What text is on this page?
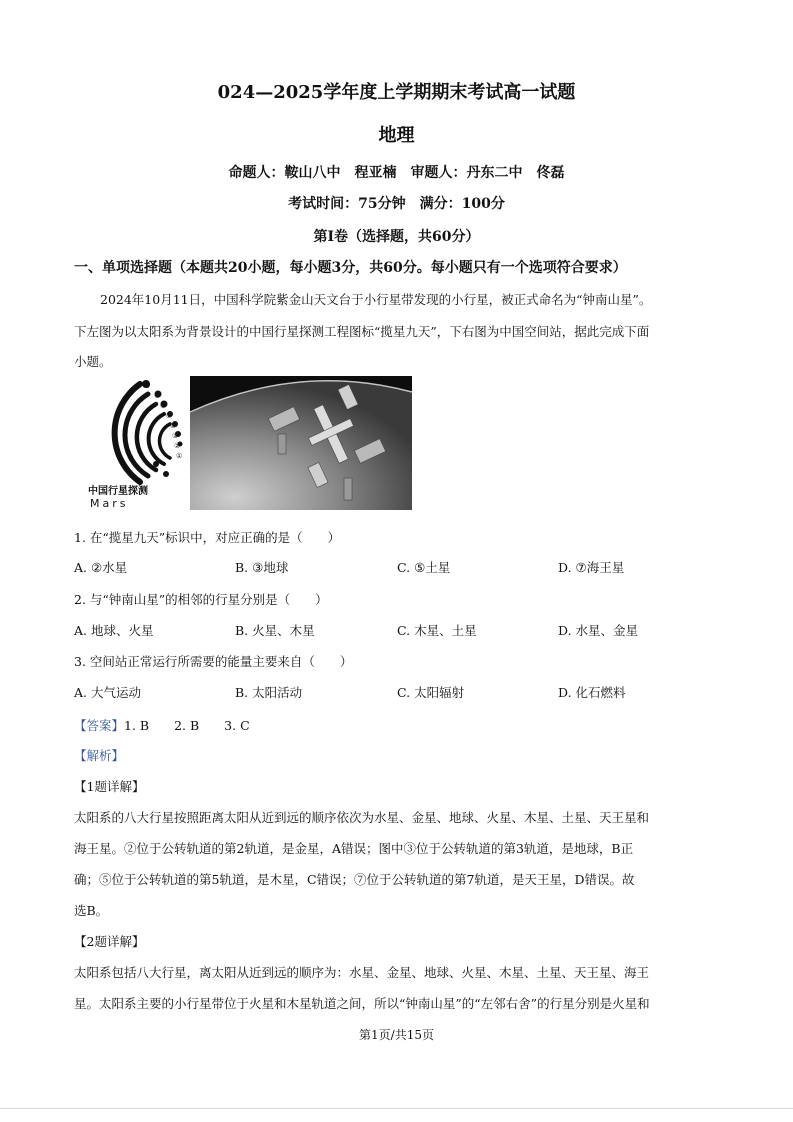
024—2025学年度上学期期末考试高一试题
地理
命题人：鞍山八中　程亚楠　审题人：丹东二中　佟磊
考试时间：75分钟　满分：100分
第Ⅰ卷（选择题，共60分）
一、单项选择题（本题共20小题，每小题3分，共60分。每小题只有一个选项符合要求）
2024年10月11日，中国科学院紫金山天文台于小行星带发现的小行星，被正式命名为“钟南山星”。
下左图为以太阳系为背景设计的中国行星探测工程图标“揽星九天”，下右图为中国空间站，据此完成下面
小题。
⑧
⑦
⑥
⑤
④
③
②
①
中国行星探测
Mars
1. 在“揽星九天”标识中，对应正确的是（　　）
A. ②水星	B. ③地球	C. ⑤土星	D. ⑦海王星
2. 与“钟南山星”的相邻的行星分别是（　　）
A. 地球、火星	B. 火星、木星	C. 木星、土星	D. 水星、金星
3. 空间站正常运行所需要的能量主要来自（　　）
A. 大气运动	B. 太阳活动	C. 太阳辐射	D. 化石燃料
【答案】1. B　　2. B　　3. C
【解析】
【1题详解】
太阳系的八大行星按照距离太阳从近到远的顺序依次为水星、金星、地球、火星、木星、土星、天王星和
海王星。②位于公转轨道的第2轨道，是金星，A错误；图中③位于公转轨道的第3轨道，是地球，B正
确；⑤位于公转轨道的第5轨道，是木星，C错误；⑦位于公转轨道的第7轨道，是天王星，D错误。故
选B。
【2题详解】
太阳系包括八大行星，离太阳从近到远的顺序为：水星、金星、地球、火星、木星、土星、天王星、海王
星。太阳系主要的小行星带位于火星和木星轨道之间，所以“钟南山星”的“左邻右舍”的行星分别是火星和
第1页/共15页
